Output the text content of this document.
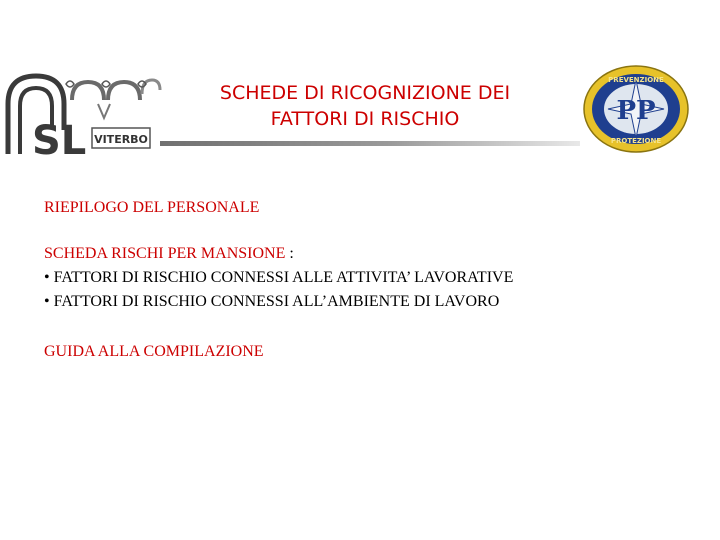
SL VITERBO
SCHEDE DI RICOGNIZIONE DEI
FATTORI DI RISCHIO
PREVENZIONE
PROTEZIONE
PP
RIEPILOGO DEL PERSONALE
SCHEDA RISCHI PER MANSIONE :
• FATTORI DI RISCHIO CONNESSI ALLE ATTIVITA’ LAVORATIVE
• FATTORI DI RISCHIO CONNESSI ALL’AMBIENTE DI LAVORO
GUIDA ALLA COMPILAZIONE
